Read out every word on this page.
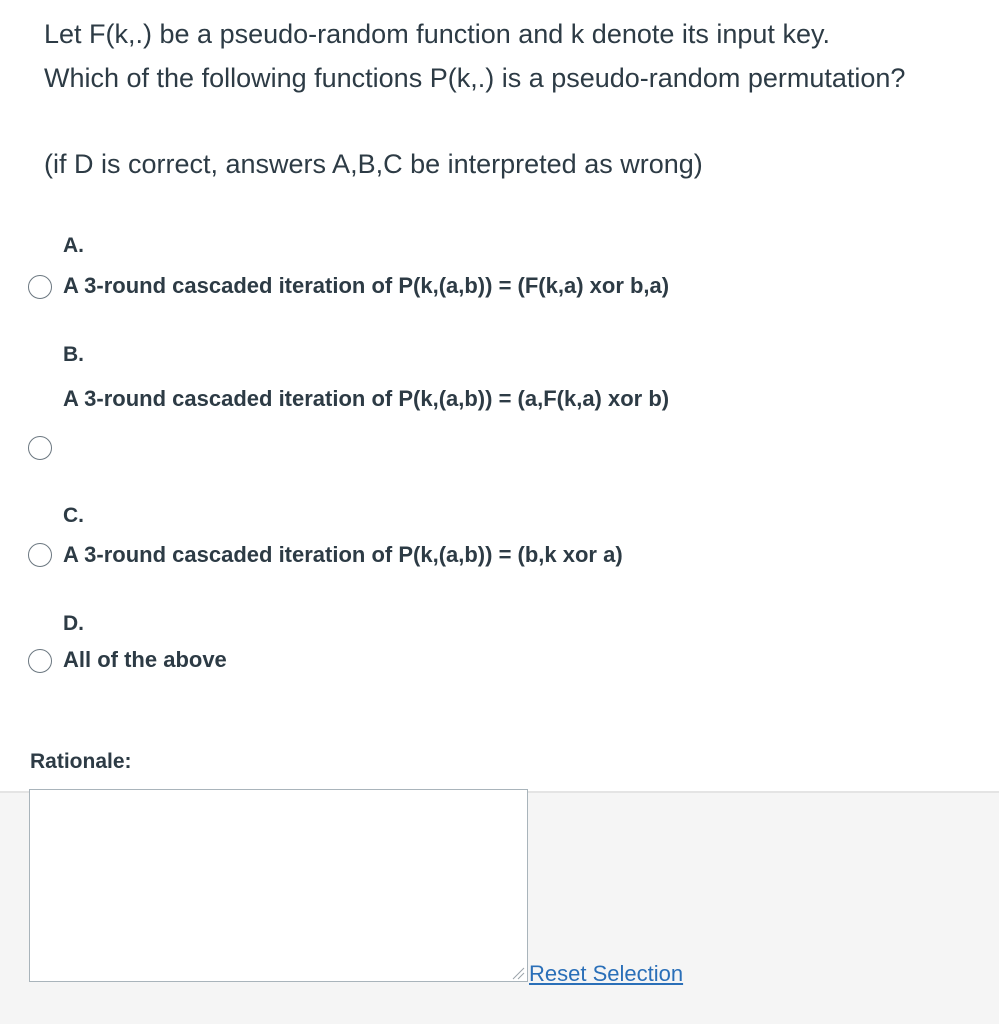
Let F(k,.) be a pseudo-random function and k denote its input key.
Which of the following functions P(k,.) is a pseudo-random permutation?
(if D is correct, answers A,B,C be interpreted as wrong)
A.
A 3-round cascaded iteration of P(k,(a,b)) = (F(k,a) xor b,a)
B.
A 3-round cascaded iteration of P(k,(a,b)) = (a,F(k,a) xor b)
C.
A 3-round cascaded iteration of P(k,(a,b)) = (b,k xor a)
D.
All of the above
Rationale:
Reset Selection
